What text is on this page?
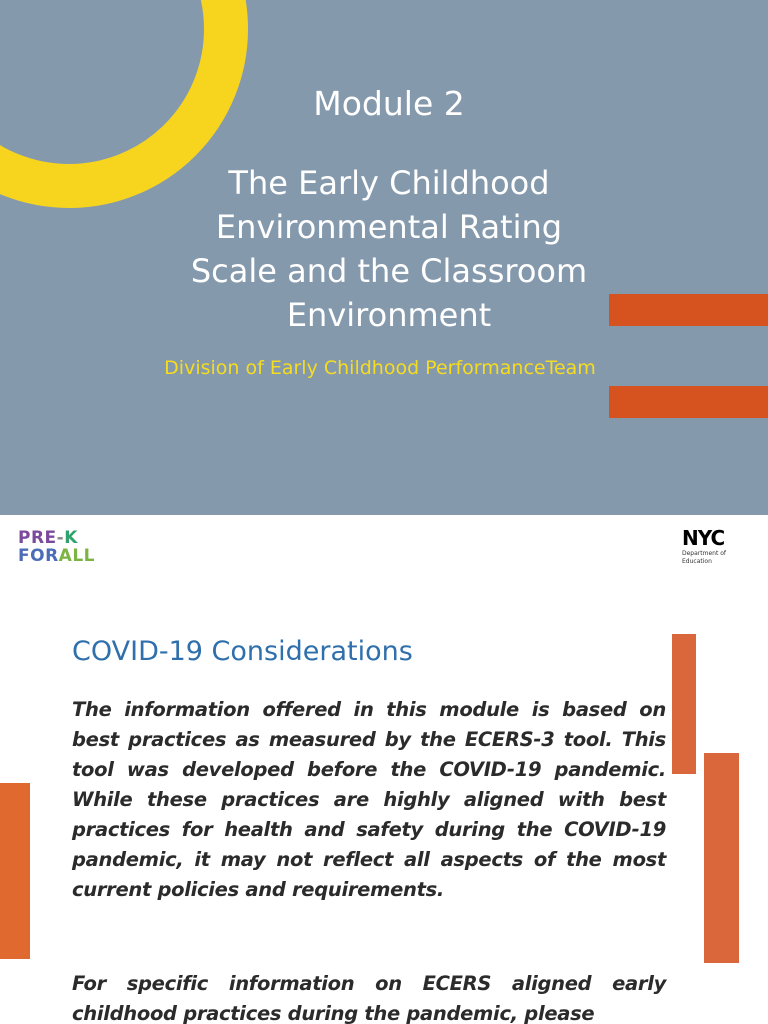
Module 2

The Early Childhood
Environmental Rating
Scale and the Classroom
Environment

Division of Early Childhood PerformanceTeam
PRE-K
FORALL
NYC
Department of
Education
COVID-19 Considerations

The information offered in this module is based on best practices as measured by the ECERS-3 tool. This tool was developed before the COVID-19 pandemic. While these practices are highly aligned with best practices for health and safety during the COVID-19 pandemic, it may not reflect all aspects of the most current policies and requirements.

For specific information on ECERS aligned early childhood practices during the pandemic, please
